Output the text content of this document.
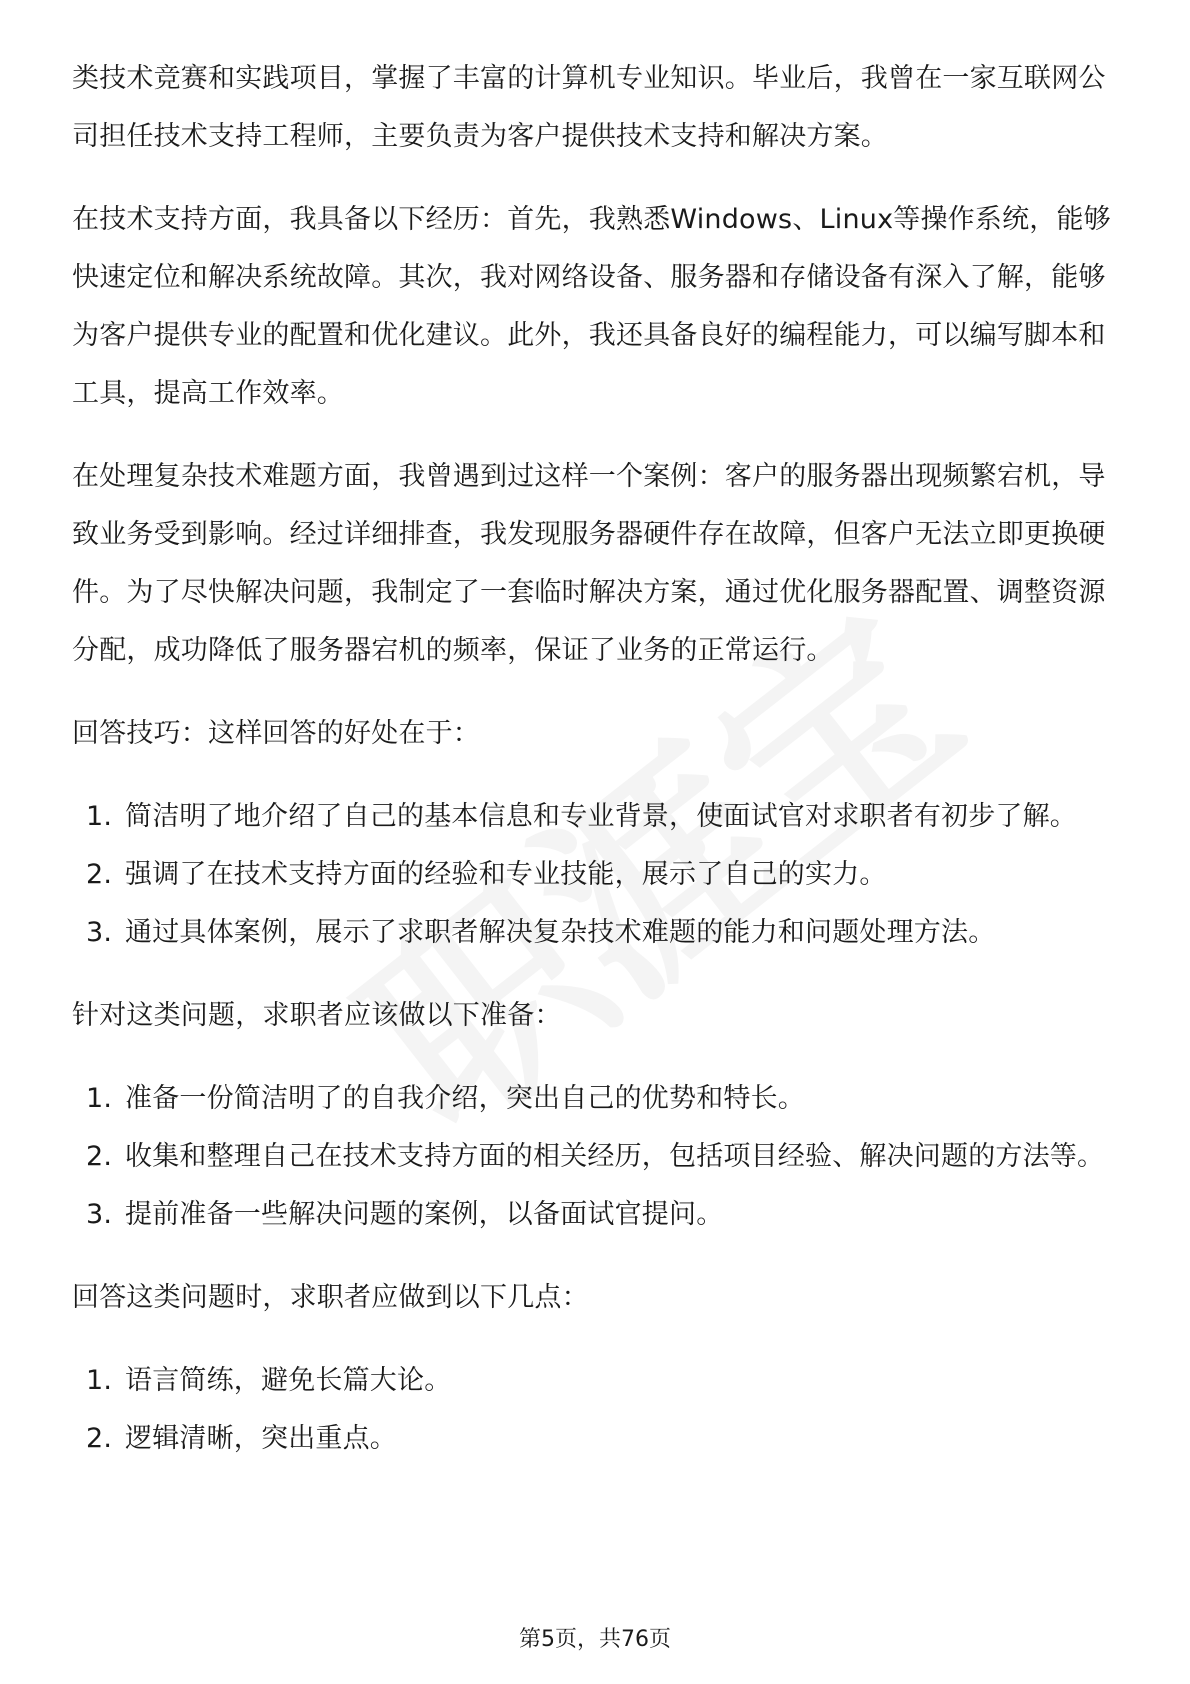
类技术竞赛和实践项目，掌握了丰富的计算机专业知识。毕业后，我曾在一家互联网公司担任技术支持工程师，主要负责为客户提供技术支持和解决方案。

在技术支持方面，我具备以下经历：首先，我熟悉Windows、Linux等操作系统，能够快速定位和解决系统故障。其次，我对网络设备、服务器和存储设备有深入了解，能够为客户提供专业的配置和优化建议。此外，我还具备良好的编程能力，可以编写脚本和工具，提高工作效率。

在处理复杂技术难题方面，我曾遇到过这样一个案例：客户的服务器出现频繁宕机，导致业务受到影响。经过详细排查，我发现服务器硬件存在故障，但客户无法立即更换硬件。为了尽快解决问题，我制定了一套临时解决方案，通过优化服务器配置、调整资源分配，成功降低了服务器宕机的频率，保证了业务的正常运行。

回答技巧：这样回答的好处在于：

1. 简洁明了地介绍了自己的基本信息和专业背景，使面试官对求职者有初步了解。
2. 强调了在技术支持方面的经验和专业技能，展示了自己的实力。
3. 通过具体案例，展示了求职者解决复杂技术难题的能力和问题处理方法。

针对这类问题，求职者应该做以下准备：

1. 准备一份简洁明了的自我介绍，突出自己的优势和特长。
2. 收集和整理自己在技术支持方面的相关经历，包括项目经验、解决问题的方法等。
3. 提前准备一些解决问题的案例，以备面试官提问。

回答这类问题时，求职者应做到以下几点：

1. 语言简练，避免长篇大论。
2. 逻辑清晰，突出重点。
第5页，共76页
